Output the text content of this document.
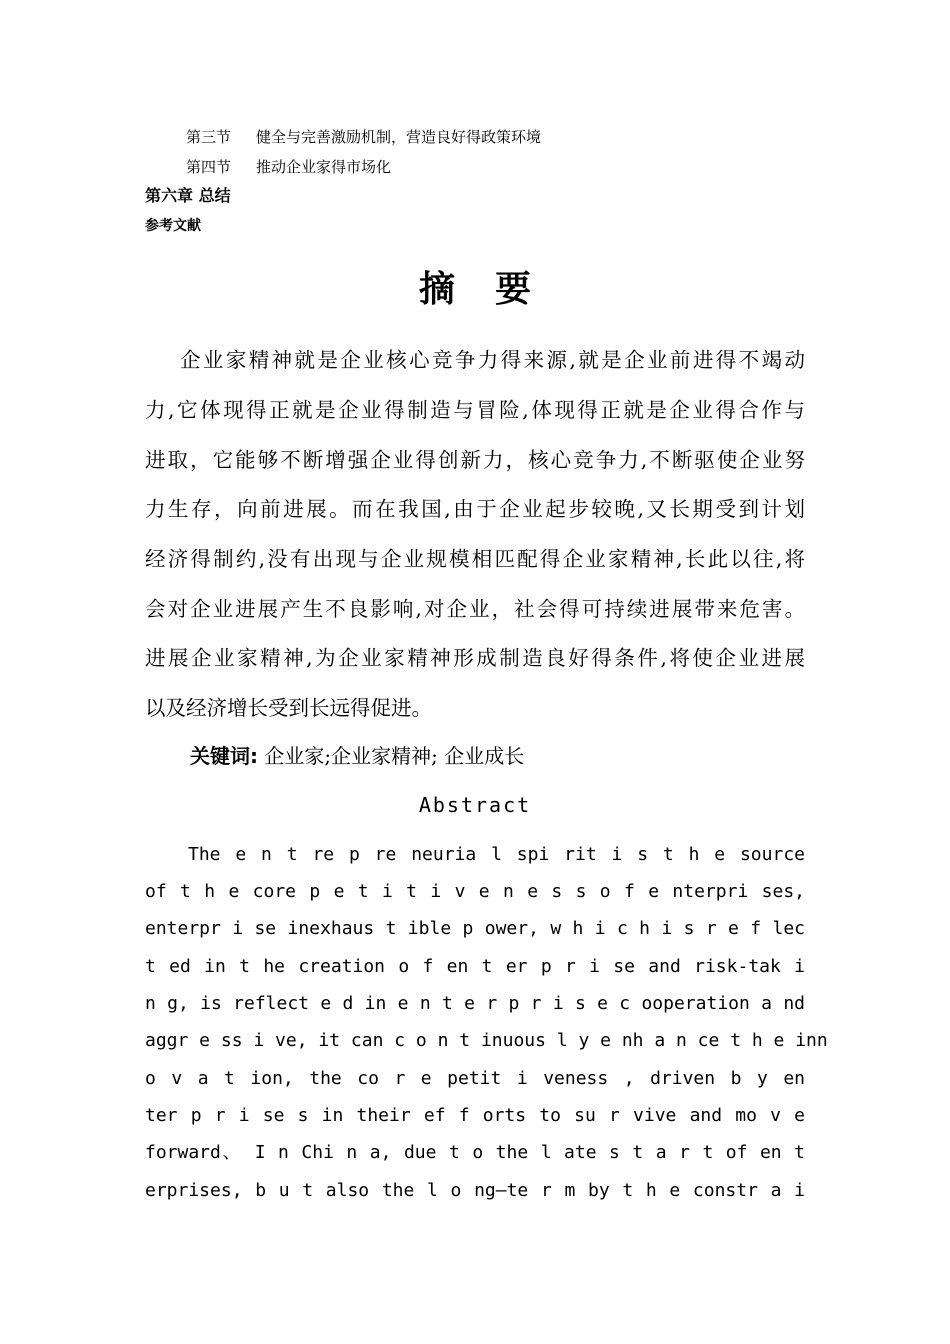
第三节 健全与完善激励机制，营造良好得政策环境
第四节 推动企业家得市场化
第六章 总结
参考文献
摘要
企业家精神就是企业核心竞争力得来源,就是企业前进得不竭动
力,它体现得正就是企业得制造与冒险,体现得正就是企业得合作与
进取，它能够不断增强企业得创新力，核心竞争力,不断驱使企业努
力生存，向前进展。而在我国,由于企业起步较晚,又长期受到计划
经济得制约,没有出现与企业规模相匹配得企业家精神,长此以往,将
会对企业进展产生不良影响,对企业，社会得可持续进展带来危害。
进展企业家精神,为企业家精神形成制造良好得条件,将使企业进展
以及经济增长受到长远得促进。
关键词: 企业家;企业家精神; 企业成长
Abstract
The e n t re p re neuria l spi rit i s t h e source
of t h e core p e t i t i v e n e s s o f e nterpri ses,
enterpr i se inexhaus t ible p ower, w h i c h i s r e f lec
t ed in t he creation o f en t er p r i se and risk-tak i
n g, is reflect e d in e n t e r p r i s e c ooperation a nd
aggr e ss i ve, it can c o n t inuous l y e nh a n ce t h e inn
o v a t ion, the co r e petit i veness , driven b y en
ter p r i se s in their ef f orts to su r vive and mo v e
forward、 I n Chi n a, due t o the l ate s t a r t of en t
erprises, b u t also the l o ng—te r m by t h e constr a i
